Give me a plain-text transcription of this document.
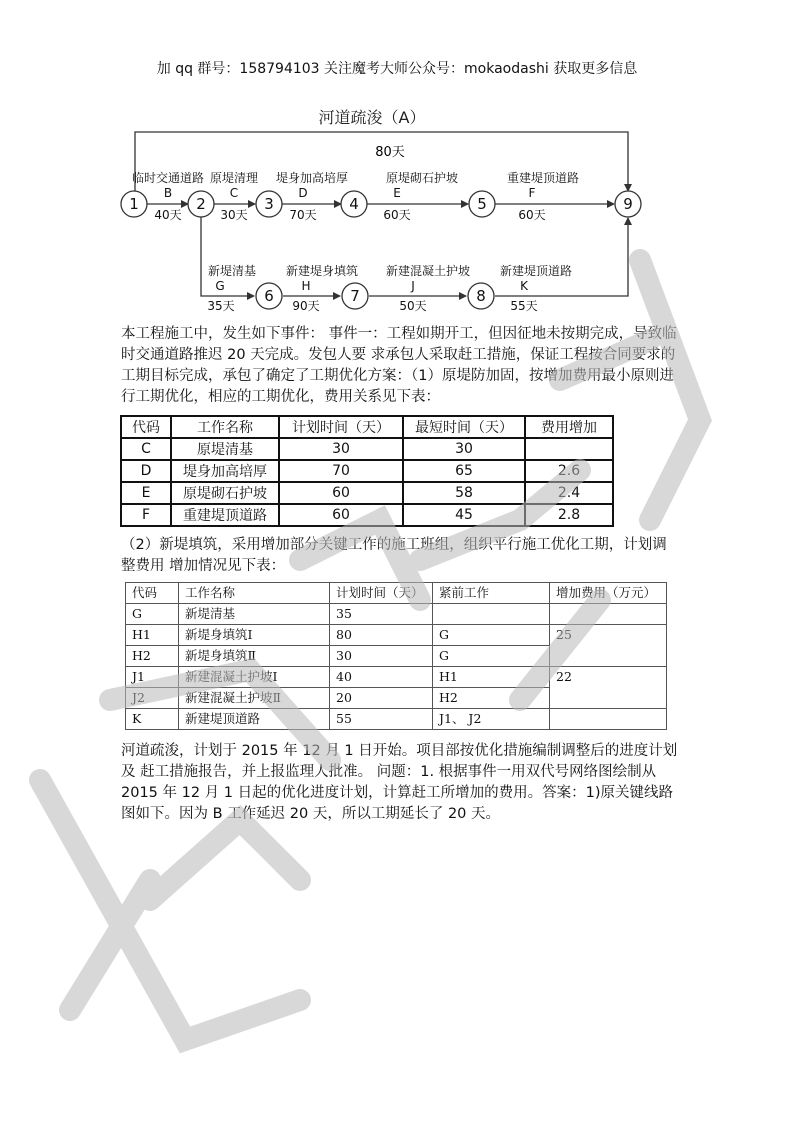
加 qq 群号：158794103 关注魔考大师公众号：mokaodashi 获取更多信息
河道疏浚（A）
80天
临时交通道路
B
40天
原堤清理
C
30天
堤身加高培厚
D
70天
原堤砌石护坡
E
60天
重建堤顶道路
F
60天
新堤清基
G
35天
新建堤身填筑
H
90天
新建混凝土护坡
J
50天
新建堤顶道路
K
55天
1	2	3	4	5
6	7	8
9
本工程施工中，发生如下事件： 事件一：工程如期开工，但因征地未按期完成，导致临时交通道路推迟 20 天完成。发包人要 求承包人采取赶工措施，保证工程按合同要求的工期目标完成，承包了确定了工期优化方案：（1）原堤防加固，按增加费用最小原则进行工期优化，相应的工期优化，费用关系见下表：
代码	工作名称	计划时间（天）	最短时间（天）	费用增加
C	原堤清基	30	30	
D	堤身加高培厚	70	65	2.6
E	原堤砌石护坡	60	58	2.4
F	重建堤顶道路	60	45	2.8
（2）新堤填筑，采用增加部分关键工作的施工班组，组织平行施工优化工期，计划调整费用 增加情况见下表：
代码	工作名称	计划时间（天）	紧前工作	增加费用（万元）
G	新堤清基	35		
H1	新堤身填筑Ⅰ	80	G	25
H2	新堤身填筑Ⅱ	30	G	
J1	新建混凝土护坡Ⅰ	40	H1	22
J2	新建混凝土护坡Ⅱ	20	H2	
K	新建堤顶道路	55	J1、 J2	
河道疏浚，计划于 2015 年 12 月 1 日开始。项目部按优化措施编制调整后的进度计划及 赶工措施报告，并上报监理人批准。 问题：1. 根据事件一用双代号网络图绘制从 2015 年 12 月 1 日起的优化进度计划，计算赶工所增加的费用。答案：1)原关键线路图如下。因为 B 工作延迟 20 天，所以工期延长了 20 天。
